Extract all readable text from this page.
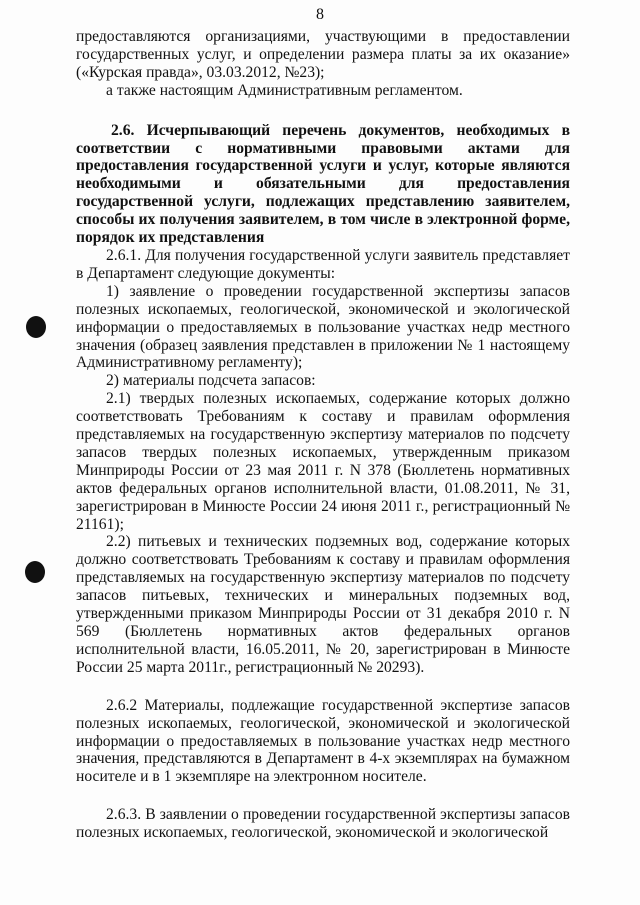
8

предоставляются организациями, участвующими в предоставлении государственных услуг, и определении размера платы за их оказание» («Курская правда», 03.03.2012, №23);

а также настоящим Административным регламентом.

2.6. Исчерпывающий перечень документов, необходимых в соответствии с нормативными правовыми актами для предоставления государственной услуги и услуг, которые являются необходимыми и обязательными для предоставления государственной услуги, подлежащих представлению заявителем, способы их получения заявителем, в том числе в электронной форме, порядок их представления

2.6.1. Для получения государственной услуги заявитель представляет в Департамент следующие документы:

1) заявление о проведении государственной экспертизы запасов полезных ископаемых, геологической, экономической и экологической информации о предоставляемых в пользование участках недр местного значения (образец заявления представлен в приложении № 1 настоящему Административному регламенту);

2) материалы подсчета запасов:

2.1) твердых полезных ископаемых, содержание которых должно соответствовать Требованиям к составу и правилам оформления представляемых на государственную экспертизу материалов по подсчету запасов твердых полезных ископаемых, утвержденным приказом Минприроды России от 23 мая 2011 г. N 378 (Бюллетень нормативных актов федеральных органов исполнительной власти, 01.08.2011, № 31, зарегистрирован в Минюсте России 24 июня 2011 г., регистрационный № 21161);

2.2) питьевых и технических подземных вод, содержание которых должно соответствовать Требованиям к составу и правилам оформления представляемых на государственную экспертизу материалов по подсчету запасов питьевых, технических и минеральных подземных вод, утвержденными приказом Минприроды России от 31 декабря 2010 г. N 569 (Бюллетень нормативных актов федеральных органов исполнительной власти, 16.05.2011, № 20, зарегистрирован в Минюсте России 25 марта 2011г., регистрационный № 20293).

2.6.2 Материалы, подлежащие государственной экспертизе запасов полезных ископаемых, геологической, экономической и экологической информации о предоставляемых в пользование участках недр местного значения, представляются в Департамент в 4-х экземплярах на бумажном носителе и в 1 экземпляре на электронном носителе.

2.6.3. В заявлении о проведении государственной экспертизы запасов полезных ископаемых, геологической, экономической и экологической
